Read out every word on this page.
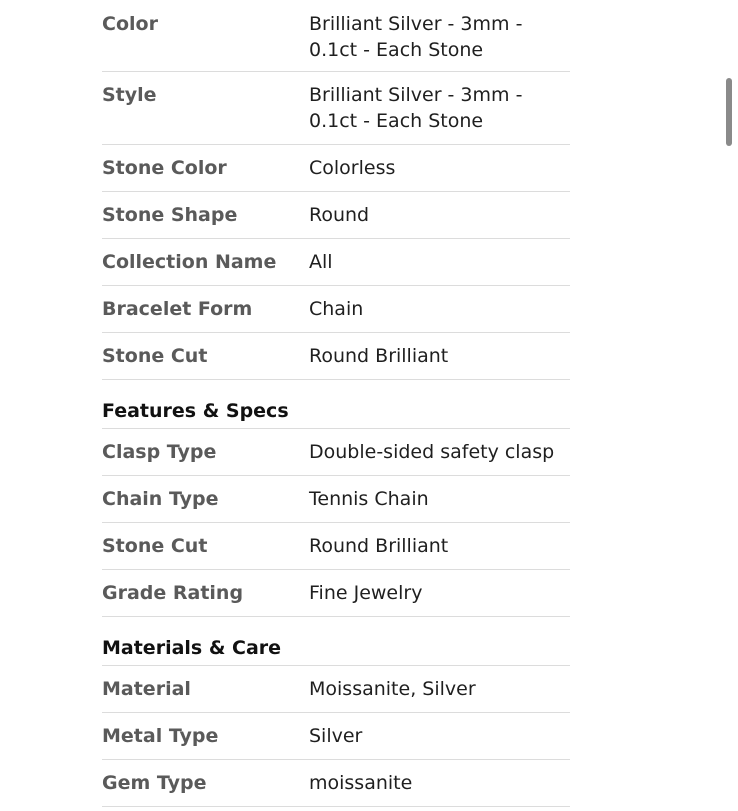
Color	Brilliant Silver - 3mm - 0.1ct - Each Stone
Style	Brilliant Silver - 3mm - 0.1ct - Each Stone
Stone Color	Colorless
Stone Shape	Round
Collection Name	All
Bracelet Form	Chain
Stone Cut	Round Brilliant
Features & Specs
Clasp Type	Double-sided safety clasp
Chain Type	Tennis Chain
Stone Cut	Round Brilliant
Grade Rating	Fine Jewelry
Materials & Care
Material	Moissanite, Silver
Metal Type	Silver
Gem Type	moissanite
